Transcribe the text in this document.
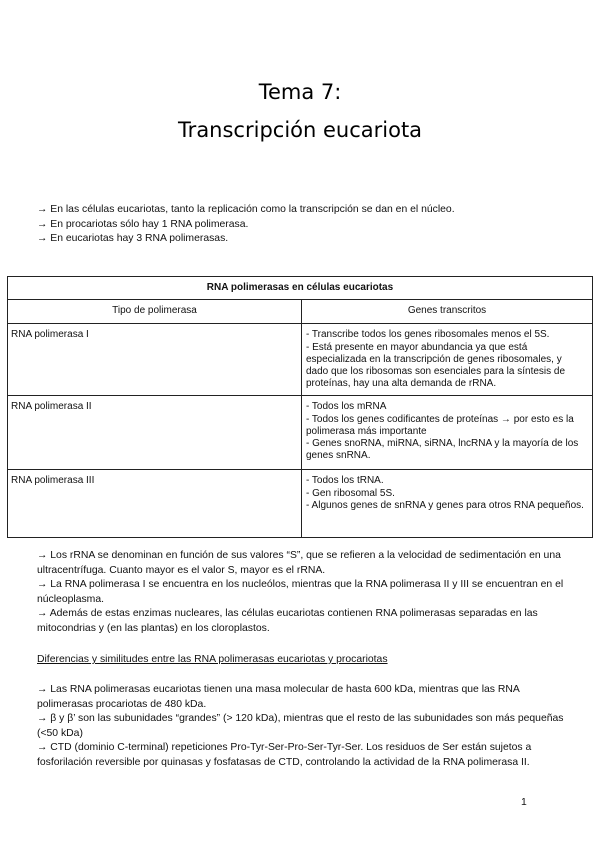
Tema 7:
Transcripción eucariota
→ En las células eucariotas, tanto la replicación como la transcripción se dan en el núcleo.
→ En procariotas sólo hay 1 RNA polimerasa.
→ En eucariotas hay 3 RNA polimerasas.
RNA polimerasas en células eucariotas	
Tipo de polimerasa	Genes transcritos
RNA polimerasa I	- Transcribe todos los genes ribosomales menos el 5S.
- Está presente en mayor abundancia ya que está especializada en la transcripción de genes ribosomales, y dado que los ribosomas son esenciales para la síntesis de proteínas, hay una alta demanda de rRNA.

RNA polimerasa II	- Todos los mRNA
- Todos los genes codificantes de proteínas → por esto es la polimerasa más importante
- Genes snoRNA, miRNA, siRNA, lncRNA y la mayoría de los genes snRNA.

RNA polimerasa III	- Todos los tRNA.
- Gen ribosomal 5S.
- Algunos genes de snRNA y genes para otros RNA pequeños.
→ Los rRNA se denominan en función de sus valores “S”, que se refieren a la velocidad de sedimentación en una ultracentrífuga. Cuanto mayor es el valor S, mayor es el rRNA.
→ La RNA polimerasa I se encuentra en los nucleólos, mientras que la RNA polimerasa II y III se encuentran en el núcleoplasma.
→ Además de estas enzimas nucleares, las células eucariotas contienen RNA polimerasas separadas en las mitocondrias y (en las plantas) en los cloroplastos.
Diferencias y similitudes entre las RNA polimerasas eucariotas y procariotas
→ Las RNA polimerasas eucariotas tienen una masa molecular de hasta 600 kDa, mientras que las RNA polimerasas procariotas de 480 kDa.
→ β y β’ son las subunidades “grandes” (> 120 kDa), mientras que el resto de las subunidades son más pequeñas (<50 kDa)
→ CTD (dominio C-terminal) repeticiones Pro-Tyr-Ser-Pro-Ser-Tyr-Ser. Los residuos de Ser están sujetos a fosforilación reversible por quinasas y fosfatasas de CTD, controlando la actividad de la RNA polimerasa II.
1
